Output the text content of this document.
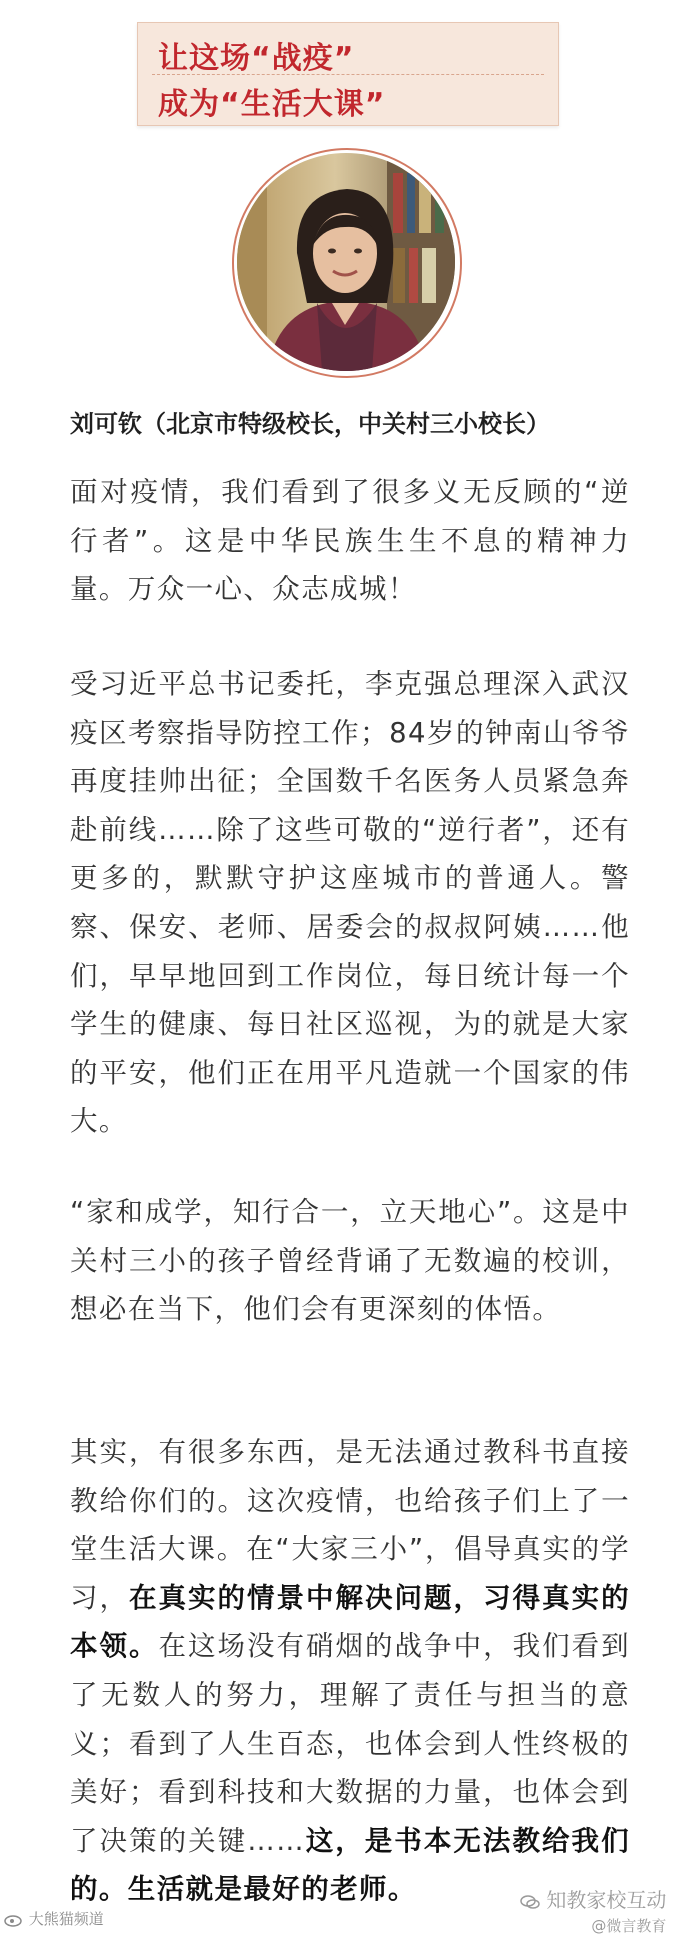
让这场“战疫”
成为“生活大课”
刘可钦（北京市特级校长，中关村三小校长）
面对疫情，我们看到了很多义无反顾的“逆行者”。这是中华民族生生不息的精神力量。万众一心、众志成城！
受习近平总书记委托，李克强总理深入武汉疫区考察指导防控工作；84岁的钟南山爷爷再度挂帅出征；全国数千名医务人员紧急奔赴前线……除了这些可敬的“逆行者”，还有更多的，默默守护这座城市的普通人。警察、保安、老师、居委会的叔叔阿姨……他们，早早地回到工作岗位，每日统计每一个学生的健康、每日社区巡视，为的就是大家的平安，他们正在用平凡造就一个国家的伟大。
“家和成学，知行合一，立天地心”。这是中关村三小的孩子曾经背诵了无数遍的校训，想必在当下，他们会有更深刻的体悟。
其实，有很多东西，是无法通过教科书直接教给你们的。这次疫情，也给孩子们上了一堂生活大课。在“大家三小”，倡导真实的学习，在真实的情景中解决问题，习得真实的本领。在这场没有硝烟的战争中，我们看到了无数人的努力，理解了责任与担当的意义；看到了人生百态，也体会到人性终极的美好；看到科技和大数据的力量，也体会到了决策的关键……这，是书本无法教给我们的。生活就是最好的老师。
大熊猫频道
知教家校互动
@微言教育
